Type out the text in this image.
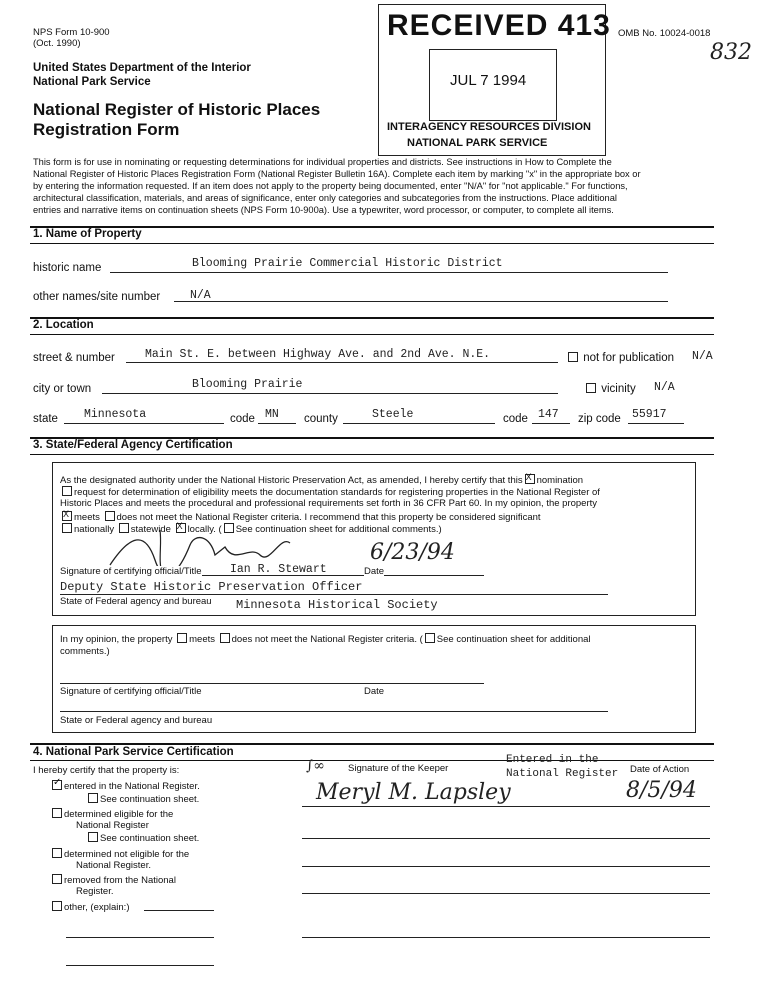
NPS Form 10-900
(Oct. 1990)
OMB No. 10024-0018
832
United States Department of the Interior
National Park Service
National Register of Historic Places
Registration Form
RECEIVED 413
JUL 7 1994
INTERAGENCY RESOURCES DIVISION
NATIONAL PARK SERVICE
This form is for use in nominating or requesting determinations for individual properties and districts. See instructions in How to Complete the
National Register of Historic Places Registration Form (National Register Bulletin 16A). Complete each item by marking "x" in the appropriate box or
by entering the information requested. If an item does not apply to the property being documented, enter "N/A" for "not applicable." For functions,
architectural classification, materials, and areas of significance, enter only categories and subcategories from the instructions. Place additional
entries and narrative items on continuation sheets (NPS Form 10-900a). Use a typewriter, word processor, or computer, to complete all items.
1. Name of Property
historic name	Blooming Prairie Commercial Historic District
other names/site number	N/A
2. Location
street & number	Main St. E. between Highway Ave. and 2nd Ave. N.E.	not for publication N/A
city or town	Blooming Prairie	vicinity N/A
state Minnesota	code MN county	Steele	code 147 zip code 55917
3. State/Federal Agency Certification
As the designated authority under the National Historic Preservation Act, as amended, I hereby certify that this X nomination
request for determination of eligibility meets the documentation standards for registering properties in the National Register of
Historic Places and meets the procedural and professional requirements set forth in 36 CFR Part 60. In my opinion, the property
X meets does not meet the National Register criteria. I recommend that this property be considered significant
nationally statewide X locally. ( See continuation sheet for additional comments.)
Ian R. Stewart
6/23/94
Signature of certifying official/Title	Date
Deputy State Historic Preservation Officer
State of Federal agency and bureau Minnesota Historical Society
In my opinion, the property meets does not meet the National Register criteria. ( See continuation sheet for additional
comments.)
Signature of certifying official/Title	Date
State or Federal agency and bureau
4. National Park Service Certification
I hereby certify that the property is:
✓ entered in the National Register.
See continuation sheet.
determined eligible for the
National Register
See continuation sheet.
determined not eligible for the
National Register.
removed from the National
Register.
other, (explain:)
∫∞ Signature of the Keeper
Entered in the
National Register Date of Action
Meryl M. Lapsley	8/5/94
